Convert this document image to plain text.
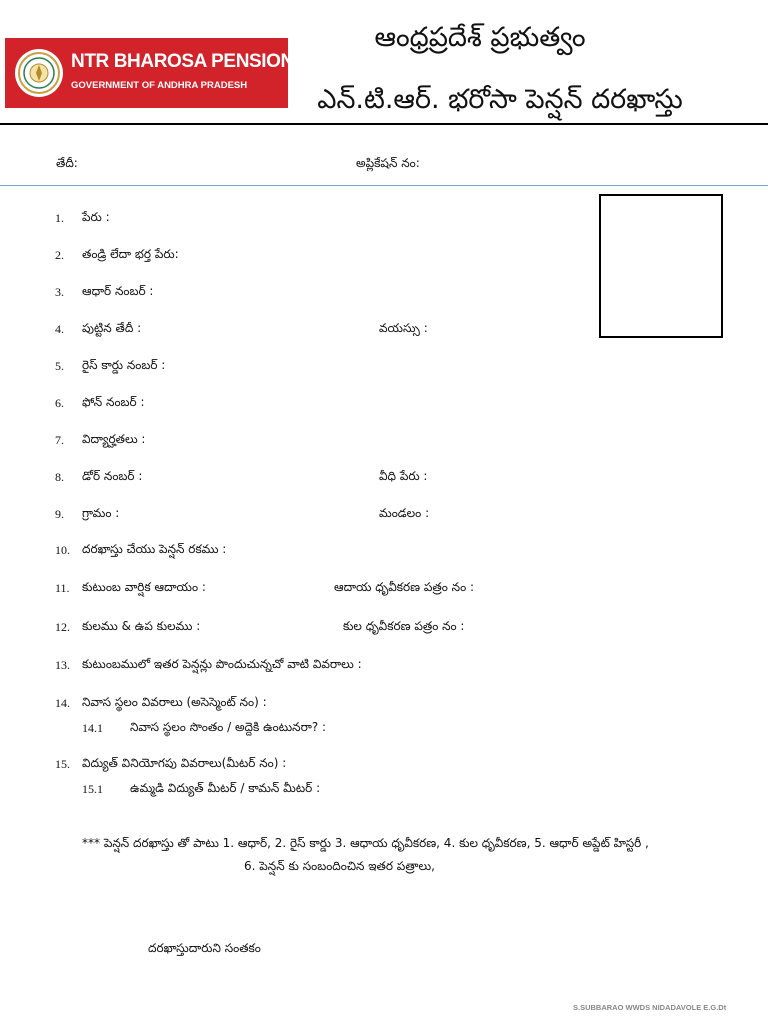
NTR BHAROSA PENSION SCHEME
GOVERNMENT OF ANDHRA PRADESH
ఆంధ్రప్రదేశ్ ప్రభుత్వం
ఎన్.టి.ఆర్. భరోసా పెన్షన్ దరఖాస్తు
తేదీ:	అప్లికేషన్ నం:
1. పేరు :
2. తండ్రి లేదా భర్త పేరు:
3. ఆధార్ నంబర్ :
4. పుట్టిన తేదీ :	వయస్సు :
5. రైస్ కార్డు నంబర్ :
6. ఫోన్ నంబర్ :
7. విద్యార్హతలు :
8. డోర్ నంబర్ :	వీధి పేరు :
9. గ్రామం :	మండలం :
10. దరఖాస్తు చేయు పెన్షన్ రకము :
11. కుటుంబ వార్షిక ఆదాయం :	ఆదాయ ధృవీకరణ పత్రం నం :
12. కులము & ఉప కులము :	కుల ధృవీకరణ పత్రం నం :
13. కుటుంబములో ఇతర పెన్షన్లు పొందుచున్నచో వాటి వివరాలు :
14. నివాస స్థలం వివరాలు (అసెస్మెంట్ నం) :
14.1 నివాస స్థలం సొంతం / అద్దెకి ఉంటునరా? :
15. విద్యుత్ వినియోగపు వివరాలు(మీటర్ నం) :
15.1 ఉమ్మడి విద్యుత్ మీటర్ / కామన్ మీటర్ :
*** పెన్షన్ దరఖాస్తు తో పాటు 1. ఆధార్, 2. రైస్ కార్డు 3. ఆధాయ ధృవీకరణ, 4. కుల ధృవీకరణ, 5. ఆధార్ అప్డేట్ హిస్టరీ ,
6. పెన్షన్ కు సంబందించిన ఇతర పత్రాలు,
దరఖాస్తుదారుని సంతకం
S.SUBBARAO WWDS NIDADAVOLE E.G.Dt
